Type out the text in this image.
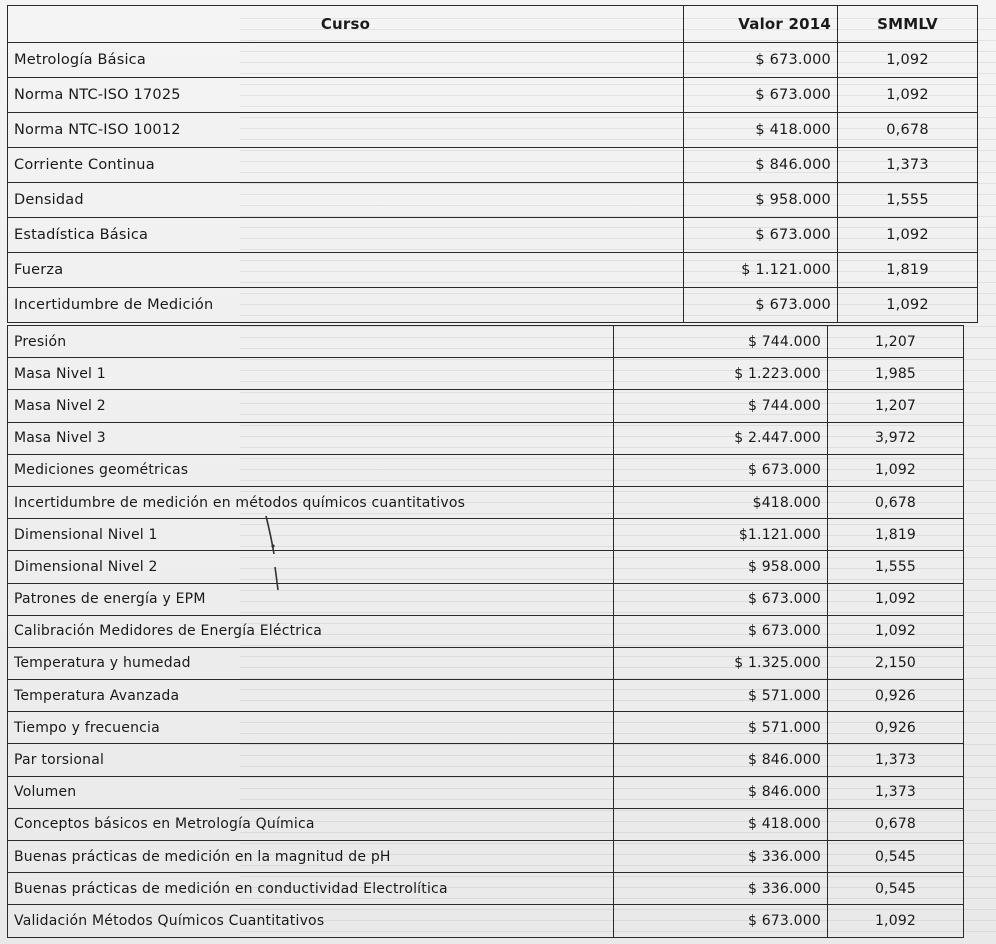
Curso	Valor 2014	SMMLV
Metrología Básica	$ 673.000	1,092
Norma NTC-ISO 17025	$ 673.000	1,092
Norma NTC-ISO 10012	$ 418.000	0,678
Corriente Continua	$ 846.000	1,373
Densidad	$ 958.000	1,555
Estadística Básica	$ 673.000	1,092
Fuerza	$ 1.121.000	1,819
Incertidumbre de Medición	$ 673.000	1,092
Presión	$ 744.000	1,207
Masa Nivel 1	$ 1.223.000	1,985
Masa Nivel 2	$ 744.000	1,207
Masa Nivel 3	$ 2.447.000	3,972
Mediciones geométricas	$ 673.000	1,092
Incertidumbre de medición en métodos químicos cuantitativos	$418.000	0,678
Dimensional Nivel 1	$1.121.000	1,819
Dimensional Nivel 2	$ 958.000	1,555
Patrones de energía y EPM	$ 673.000	1,092
Calibración Medidores de Energía Eléctrica	$ 673.000	1,092
Temperatura y humedad	$ 1.325.000	2,150
Temperatura Avanzada	$ 571.000	0,926
Tiempo y frecuencia	$ 571.000	0,926
Par torsional	$ 846.000	1,373
Volumen	$ 846.000	1,373
Conceptos básicos en Metrología Química	$ 418.000	0,678
Buenas prácticas de medición en la magnitud de pH	$ 336.000	0,545
Buenas prácticas de medición en conductividad Electrolítica	$ 336.000	0,545
Validación Métodos Químicos Cuantitativos	$ 673.000	1,092
